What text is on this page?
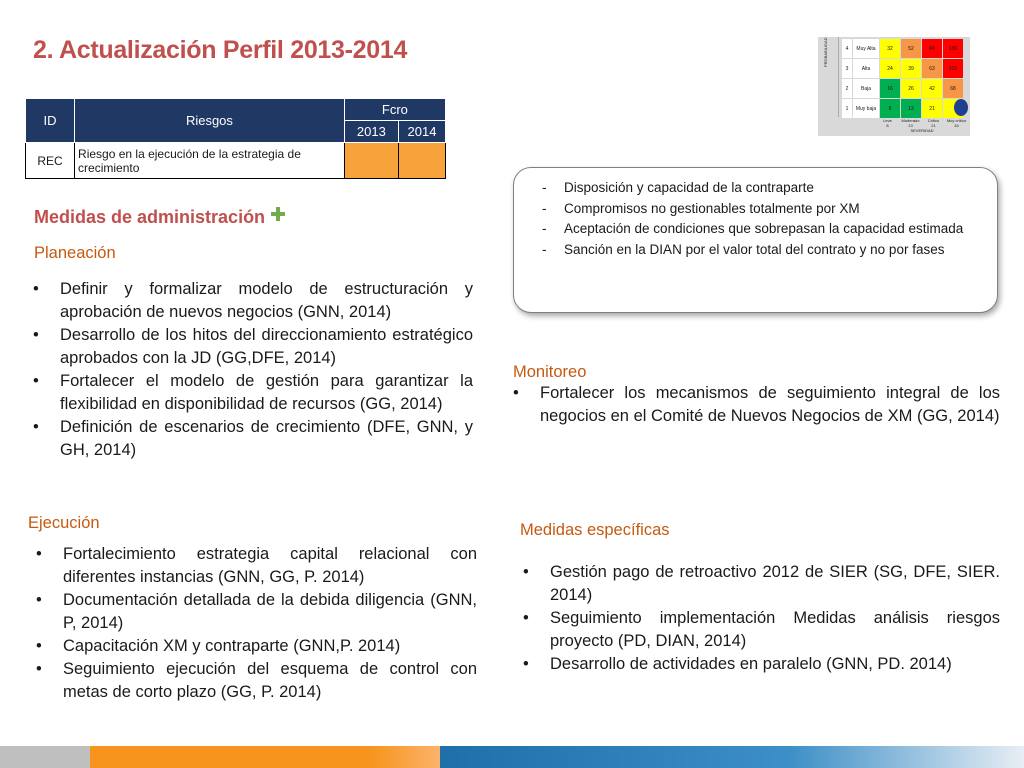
2. Actualización Perfil 2013-2014
ID	Riesgos	Fcro	
		2013	2014
REC	Riesgo en la ejecución de la estrategia de crecimiento		
PROBABILIDAD	4	Muy Alta	32	52	84	136
3	Alta	24	39	63	102
2	Baja	16	26	42	68
1	Muy baja	8	13	21
Leve	Moderado	Crítico	Muy crítico
8	13	21	34
SEVERIDAD
- Disposición y capacidad de la contraparte
- Compromisos no gestionables totalmente por XM
- Aceptación de condiciones que sobrepasan la capacidad estimada
- Sanción en la DIAN por el valor total del contrato y no por fases
Medidas de administración
Planeación
• Definir y formalizar modelo de estructuración y aprobación de nuevos negocios (GNN, 2014)
• Desarrollo de los hitos del direccionamiento estratégico aprobados con la JD (GG,DFE, 2014)
• Fortalecer el modelo de gestión para garantizar la flexibilidad en disponibilidad de recursos (GG, 2014)
• Definición de escenarios de crecimiento (DFE, GNN, y GH, 2014)
Ejecución
• Fortalecimiento estrategia capital relacional con diferentes instancias (GNN, GG, P. 2014)
• Documentación detallada de la debida diligencia (GNN, P, 2014)
• Capacitación XM y contraparte (GNN,P. 2014)
• Seguimiento ejecución del esquema de control con metas de corto plazo (GG, P. 2014)
Monitoreo
• Fortalecer los mecanismos de seguimiento integral de los negocios en el Comité de Nuevos Negocios de XM (GG, 2014)
Medidas específicas
• Gestión pago de retroactivo 2012 de SIER (SG, DFE, SIER. 2014)
• Seguimiento implementación Medidas análisis riesgos proyecto (PD, DIAN, 2014)
• Desarrollo de actividades en paralelo (GNN, PD. 2014)
